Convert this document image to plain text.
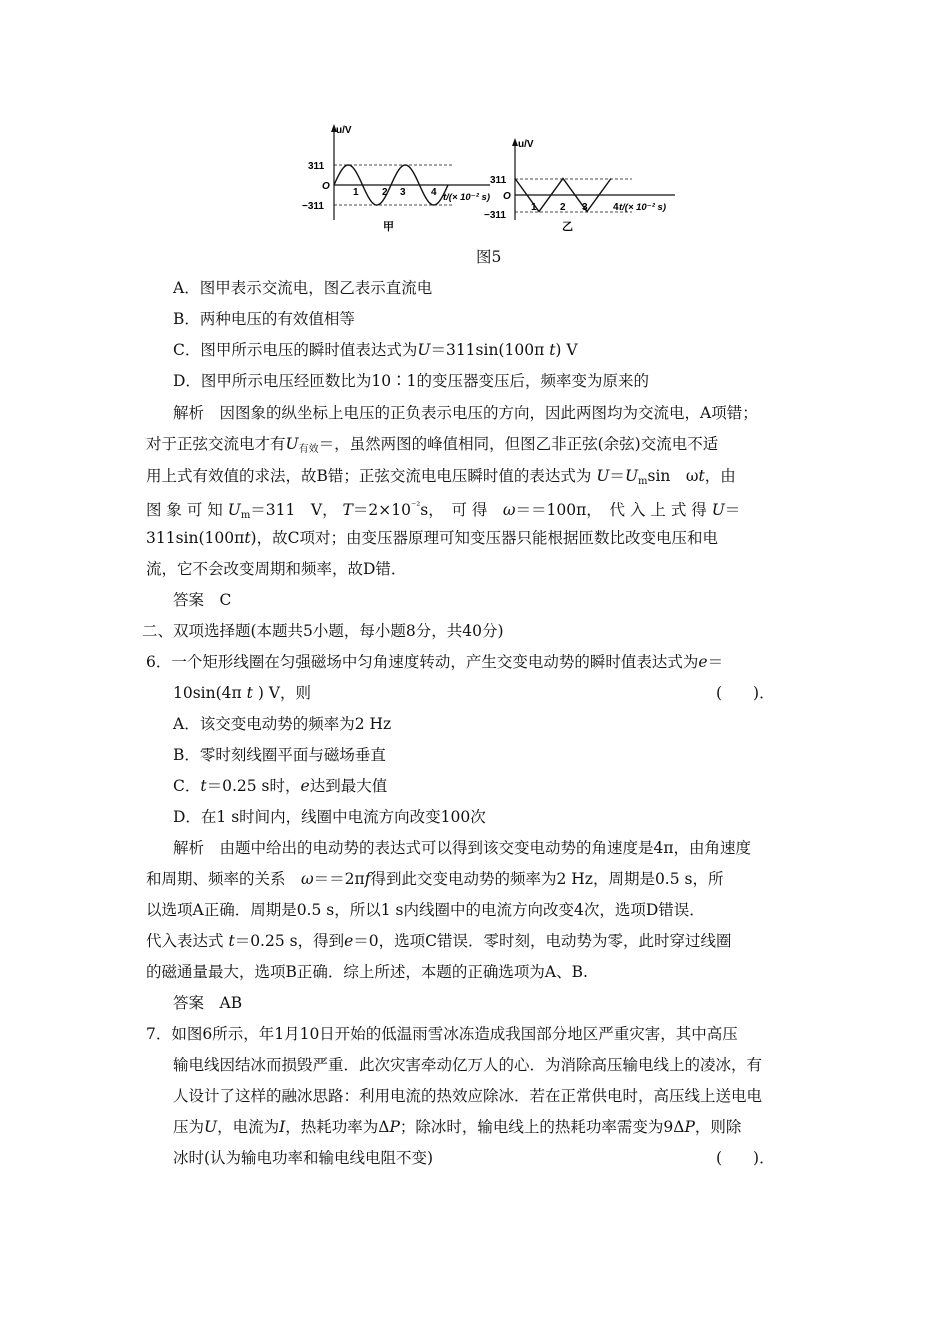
u/V
311
O
−311
1 2 3	4 t/(× 10⁻² s)
甲
u/V
311
O
−311
1 2 3	4 t/(× 10⁻² s)
乙
图5
A．图甲表示交流电，图乙表示直流电
B．两种电压的有效值相等
C．图甲所示电压的瞬时值表达式为U＝311sin(100π t) V
D．图甲所示电压经匝数比为10∶1的变压器变压后，频率变为原来的
解析　因图象的纵坐标上电压的正负表示电压的方向，因此两图均为交流电，A项错；
对于正弦交流电才有$U_{有效}=$，虽然两图的峰值相同，但图乙非正弦(余弦)交流电不适
用上式有效值的求法，故B错；正弦交流电电压瞬时值的表达式为 $U=U_m\sin$　ωt，由
图 象 可 知 $U_m=311$　V， $T=2\times 10^{^{-2}}s$，　可 得　ω＝＝100π，　代 入 上 式 得 U＝
311sin(100πt)，故C项对；由变压器原理可知变压器只能根据匝数比改变电压和电
流，它不会改变周期和频率，故D错．
答案　C
二、双项选择题(本题共5小题，每小题8分，共40分)
6．一个矩形线圈在匀强磁场中匀角速度转动，产生交变电动势的瞬时值表达式为e＝
10sin(4π t ) V，则	(　　)．
A．该交变电动势的频率为2 Hz
B．零时刻线圈平面与磁场垂直
C．t＝0.25 s时，e达到最大值
D．在1 s时间内，线圈中电流方向改变100次
解析　由题中给出的电动势的表达式可以得到该交变电动势的角速度是4π，由角速度
和周期、频率的关系　ω＝＝2πf得到此交变电动势的频率为2 Hz，周期是0.5 s，所
以选项A正确．周期是0.5 s，所以1 s内线圈中的电流方向改变4次，选项D错误．
代入表达式 t＝0.25 s，得到e＝0，选项C错误．零时刻，电动势为零，此时穿过线圈
的磁通量最大，选项B正确．综上所述，本题的正确选项为A、B.
答案　AB
7．如图6所示，年1月10日开始的低温雨雪冰冻造成我国部分地区严重灾害，其中高压
输电线因结冰而损毁严重．此次灾害牵动亿万人的心．为消除高压输电线上的凌冰，有
人设计了这样的融冰思路：利用电流的热效应除冰．若在正常供电时，高压线上送电电
压为U，电流为I，热耗功率为ΔP；除冰时，输电线上的热耗功率需变为9ΔP，则除
冰时(认为输电功率和输电线电阻不变)	(　　)．
